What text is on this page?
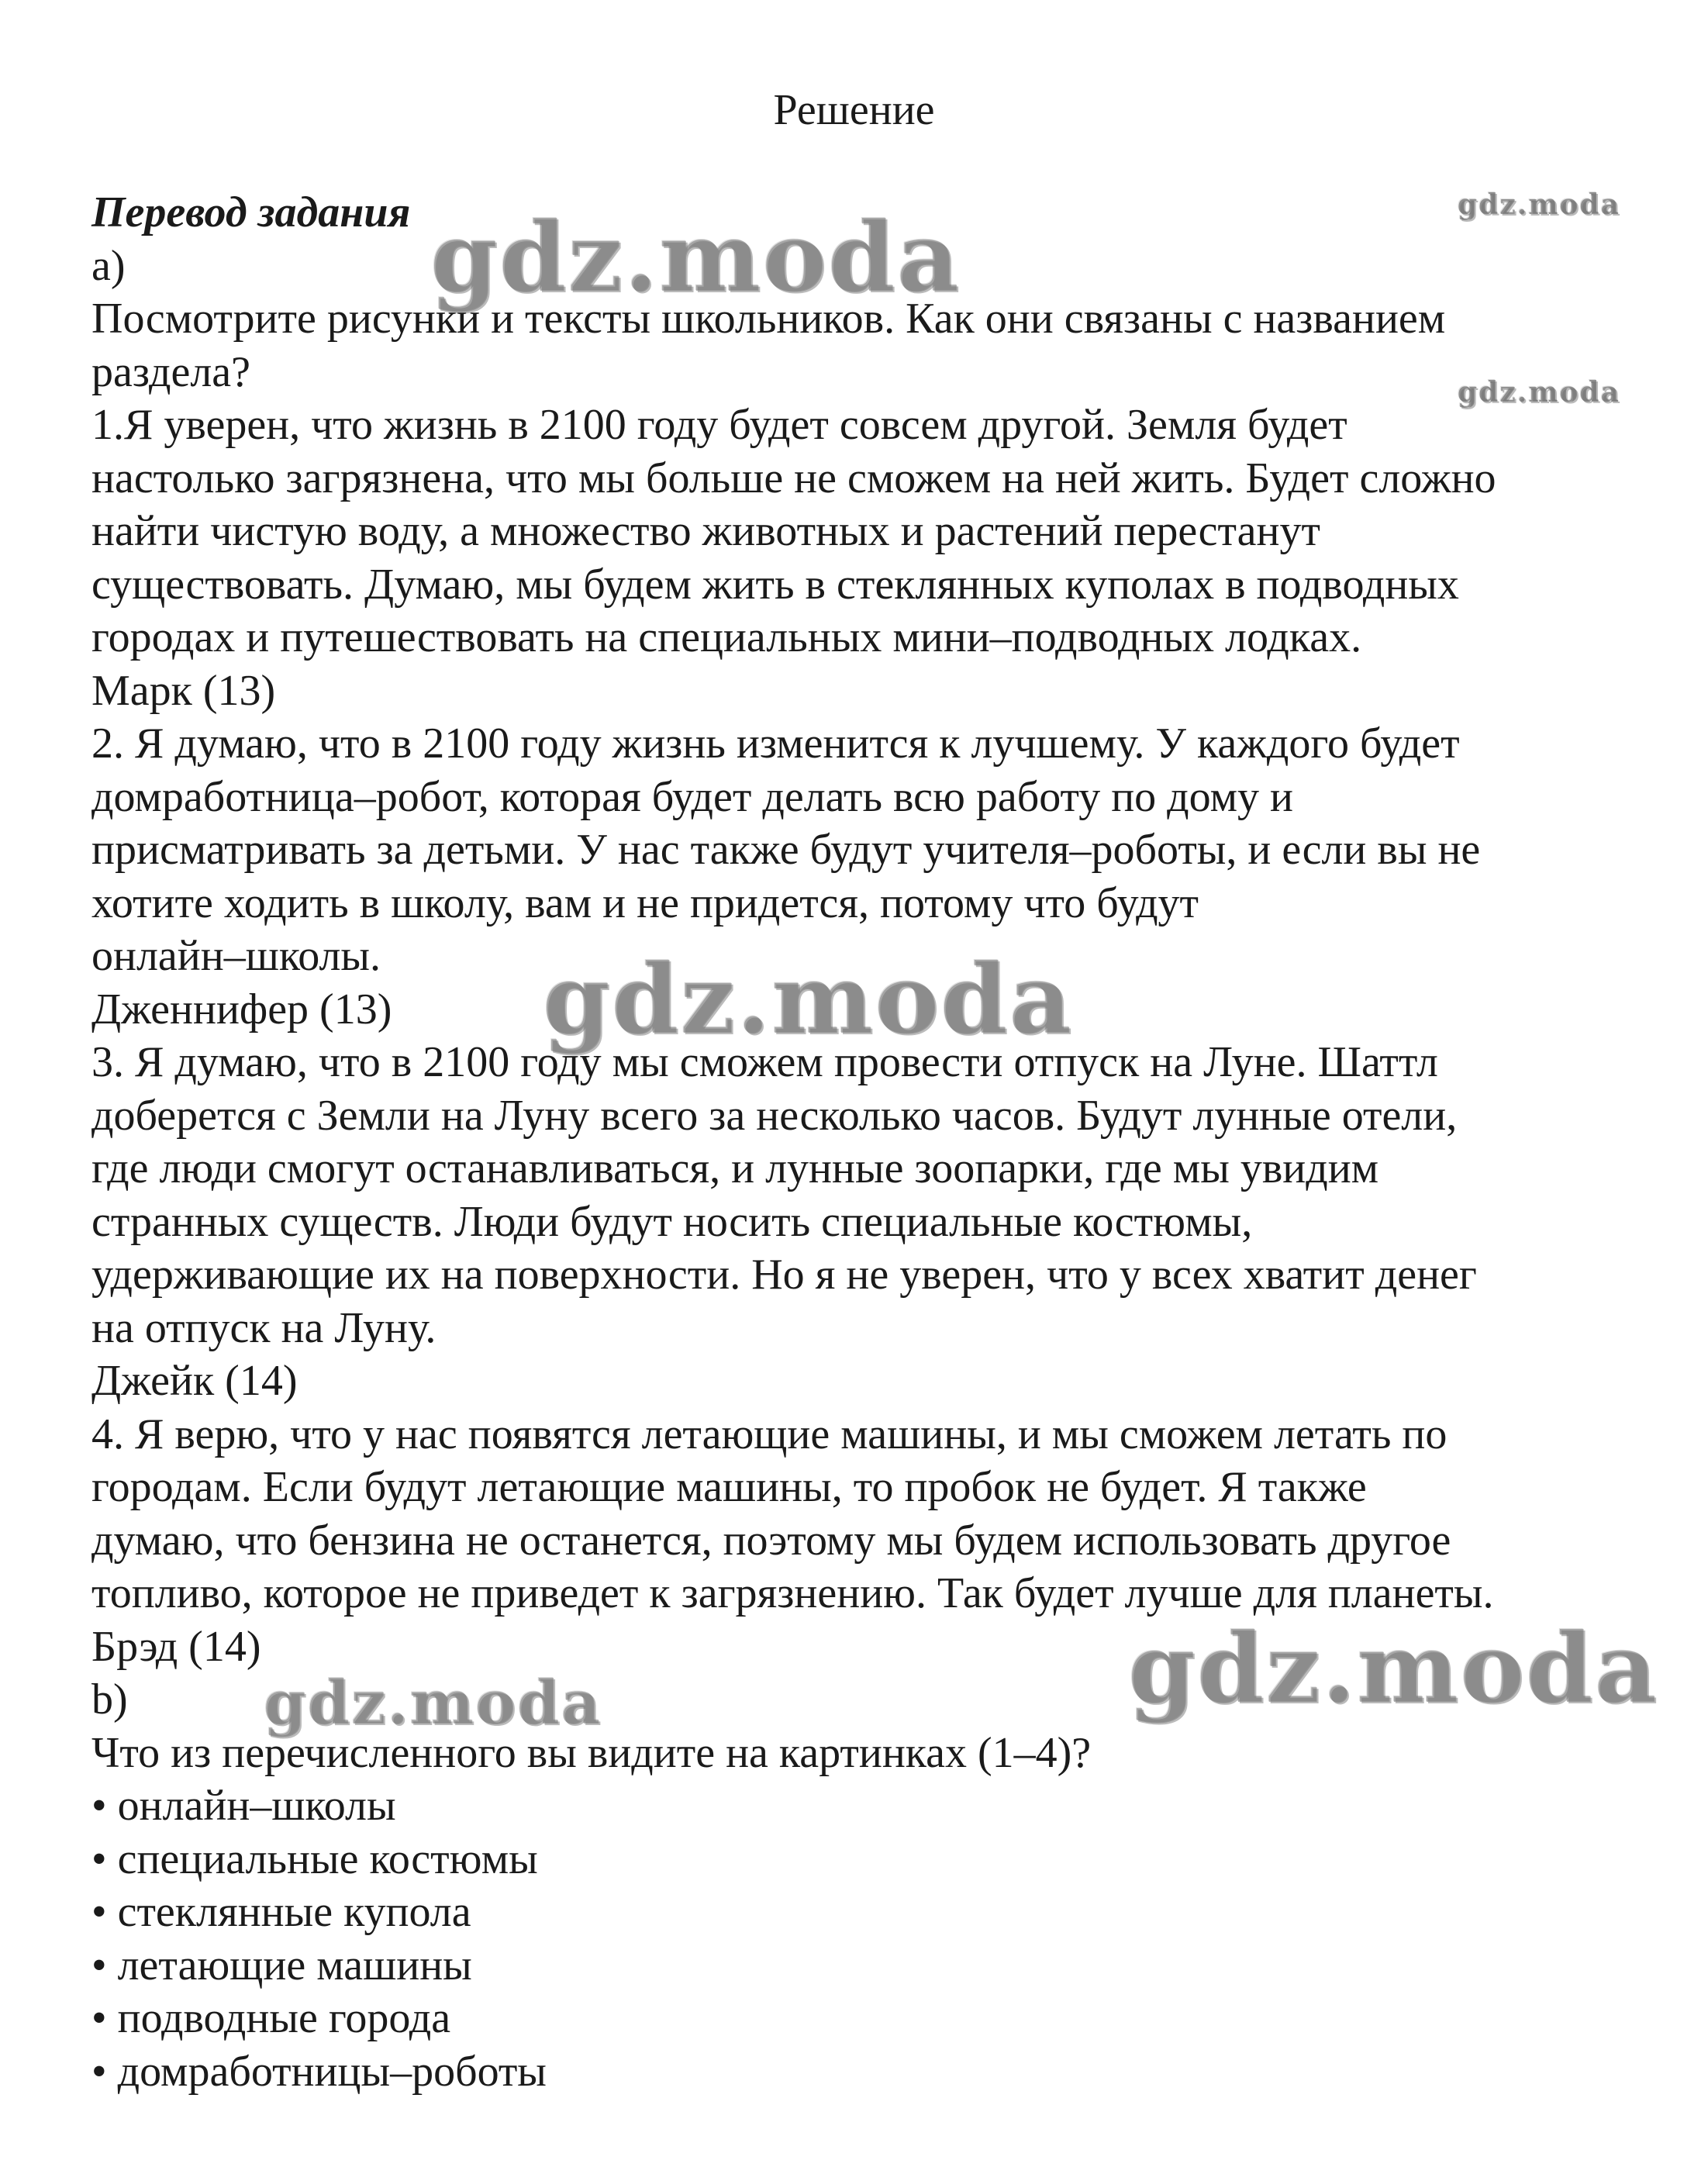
Решение
Перевод задания
а)
Посмотрите рисунки и тексты школьников. Как они связаны с названием
раздела?
1.Я уверен, что жизнь в 2100 году будет совсем другой. Земля будет
настолько загрязнена, что мы больше не сможем на ней жить. Будет сложно
найти чистую воду, а множество животных и растений перестанут
существовать. Думаю, мы будем жить в стеклянных куполах в подводных
городах и путешествовать на специальных мини–подводных лодках.
Марк (13)
2. Я думаю, что в 2100 году жизнь изменится к лучшему. У каждого будет
домработница–робот, которая будет делать всю работу по дому и
присматривать за детьми. У нас также будут учителя–роботы, и если вы не
хотите ходить в школу, вам и не придется, потому что будут
онлайн–школы.
Дженнифер (13)
3. Я думаю, что в 2100 году мы сможем провести отпуск на Луне. Шаттл
доберется с Земли на Луну всего за несколько часов. Будут лунные отели,
где люди смогут останавливаться, и лунные зоопарки, где мы увидим
странных существ. Люди будут носить специальные костюмы,
удерживающие их на поверхности. Но я не уверен, что у всех хватит денег
на отпуск на Луну.
Джейк (14)
4. Я верю, что у нас появятся летающие машины, и мы сможем летать по
городам. Если будут летающие машины, то пробок не будет. Я также
думаю, что бензина не останется, поэтому мы будем использовать другое
топливо, которое не приведет к загрязнению. Так будет лучше для планеты.
Брэд (14)
b)
Что из перечисленного вы видите на картинках (1–4)?
• онлайн–школы
• специальные костюмы
• стеклянные купола
• летающие машины
• подводные города
• домработницы–роботы
gdz.moda
gdz.moda
gdz.moda
gdz.moda
gdz.moda
gdz.moda
